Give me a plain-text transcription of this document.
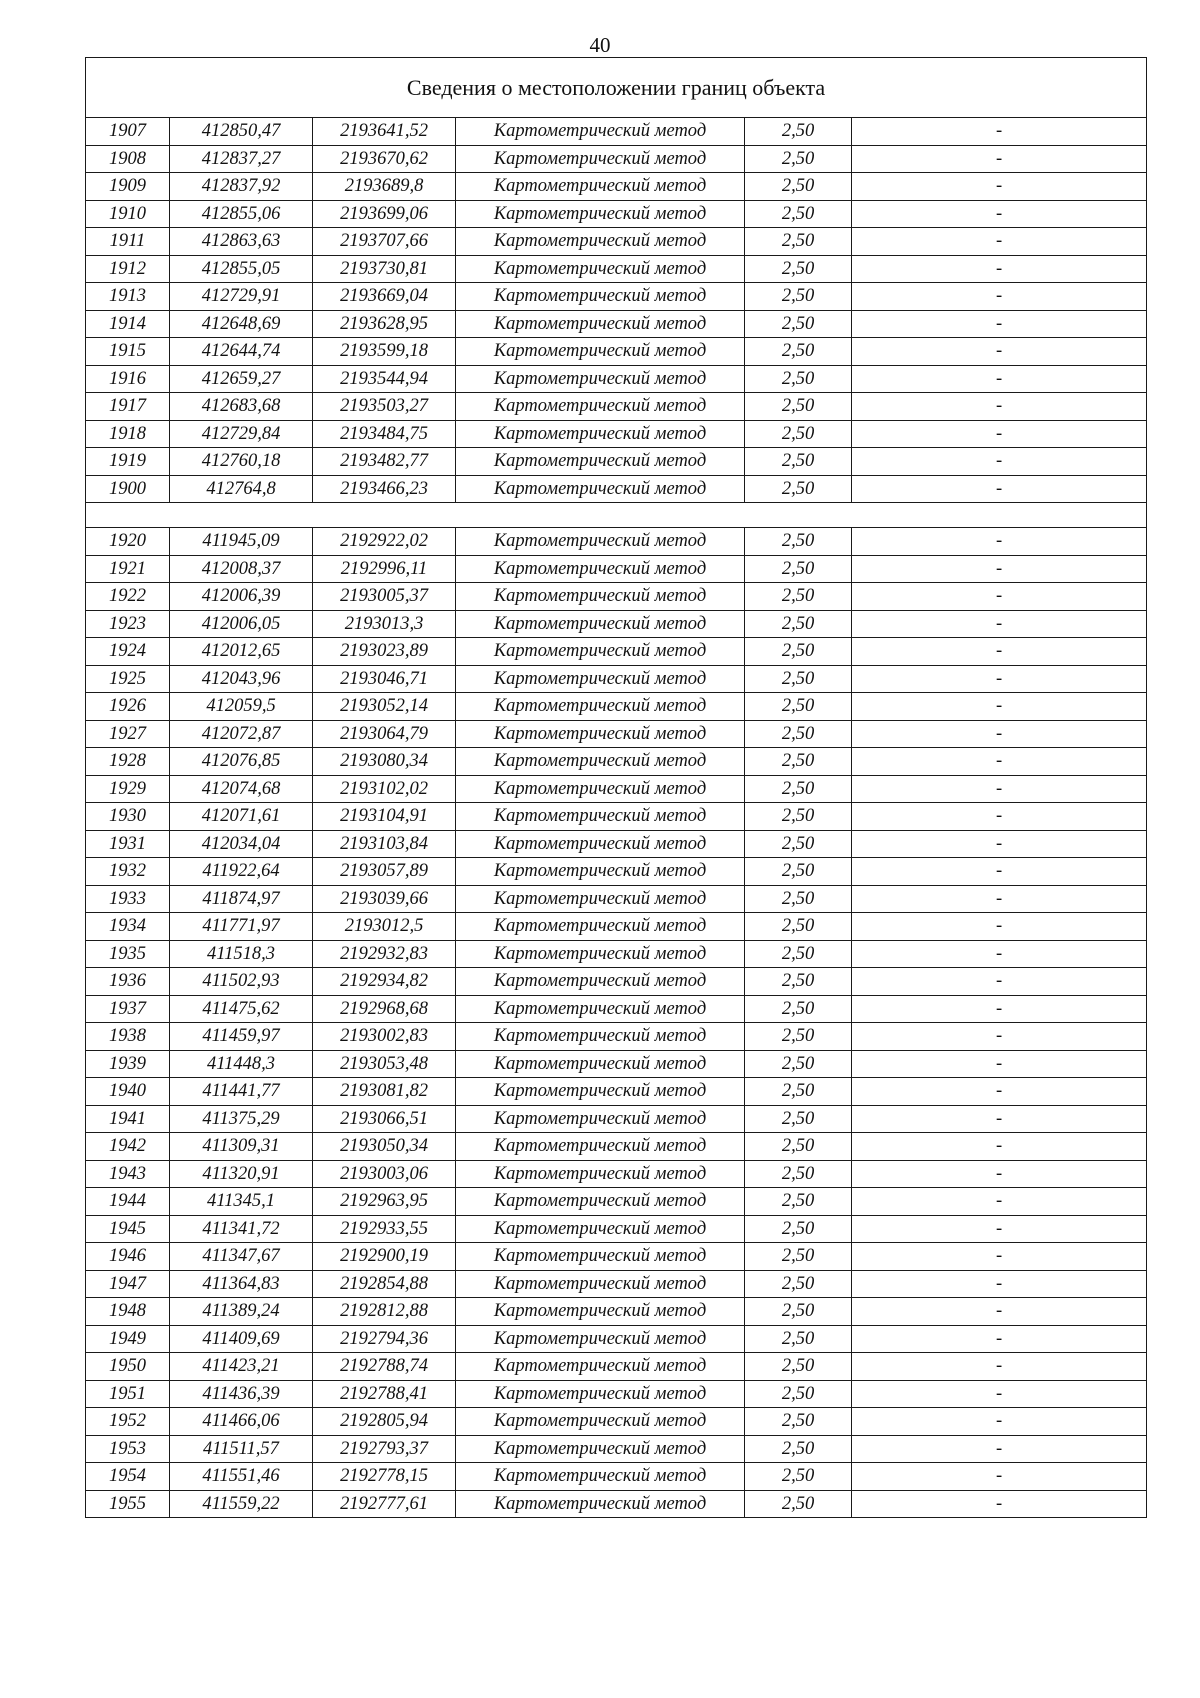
40
Сведения о местоположении границ объекта					
1907	412850,47	2193641,52	Картометрический метод	2,50	-
1908	412837,27	2193670,62	Картометрический метод	2,50	-
1909	412837,92	2193689,8	Картометрический метод	2,50	-
1910	412855,06	2193699,06	Картометрический метод	2,50	-
1911	412863,63	2193707,66	Картометрический метод	2,50	-
1912	412855,05	2193730,81	Картометрический метод	2,50	-
1913	412729,91	2193669,04	Картометрический метод	2,50	-
1914	412648,69	2193628,95	Картометрический метод	2,50	-
1915	412644,74	2193599,18	Картометрический метод	2,50	-
1916	412659,27	2193544,94	Картометрический метод	2,50	-
1917	412683,68	2193503,27	Картометрический метод	2,50	-
1918	412729,84	2193484,75	Картометрический метод	2,50	-
1919	412760,18	2193482,77	Картометрический метод	2,50	-
1900	412764,8	2193466,23	Картометрический метод	2,50	-

1920	411945,09	2192922,02	Картометрический метод	2,50	-
1921	412008,37	2192996,11	Картометрический метод	2,50	-
1922	412006,39	2193005,37	Картометрический метод	2,50	-
1923	412006,05	2193013,3	Картометрический метод	2,50	-
1924	412012,65	2193023,89	Картометрический метод	2,50	-
1925	412043,96	2193046,71	Картометрический метод	2,50	-
1926	412059,5	2193052,14	Картометрический метод	2,50	-
1927	412072,87	2193064,79	Картометрический метод	2,50	-
1928	412076,85	2193080,34	Картометрический метод	2,50	-
1929	412074,68	2193102,02	Картометрический метод	2,50	-
1930	412071,61	2193104,91	Картометрический метод	2,50	-
1931	412034,04	2193103,84	Картометрический метод	2,50	-
1932	411922,64	2193057,89	Картометрический метод	2,50	-
1933	411874,97	2193039,66	Картометрический метод	2,50	-
1934	411771,97	2193012,5	Картометрический метод	2,50	-
1935	411518,3	2192932,83	Картометрический метод	2,50	-
1936	411502,93	2192934,82	Картометрический метод	2,50	-
1937	411475,62	2192968,68	Картометрический метод	2,50	-
1938	411459,97	2193002,83	Картометрический метод	2,50	-
1939	411448,3	2193053,48	Картометрический метод	2,50	-
1940	411441,77	2193081,82	Картометрический метод	2,50	-
1941	411375,29	2193066,51	Картометрический метод	2,50	-
1942	411309,31	2193050,34	Картометрический метод	2,50	-
1943	411320,91	2193003,06	Картометрический метод	2,50	-
1944	411345,1	2192963,95	Картометрический метод	2,50	-
1945	411341,72	2192933,55	Картометрический метод	2,50	-
1946	411347,67	2192900,19	Картометрический метод	2,50	-
1947	411364,83	2192854,88	Картометрический метод	2,50	-
1948	411389,24	2192812,88	Картометрический метод	2,50	-
1949	411409,69	2192794,36	Картометрический метод	2,50	-
1950	411423,21	2192788,74	Картометрический метод	2,50	-
1951	411436,39	2192788,41	Картометрический метод	2,50	-
1952	411466,06	2192805,94	Картометрический метод	2,50	-
1953	411511,57	2192793,37	Картометрический метод	2,50	-
1954	411551,46	2192778,15	Картометрический метод	2,50	-
1955	411559,22	2192777,61	Картометрический метод	2,50	-
